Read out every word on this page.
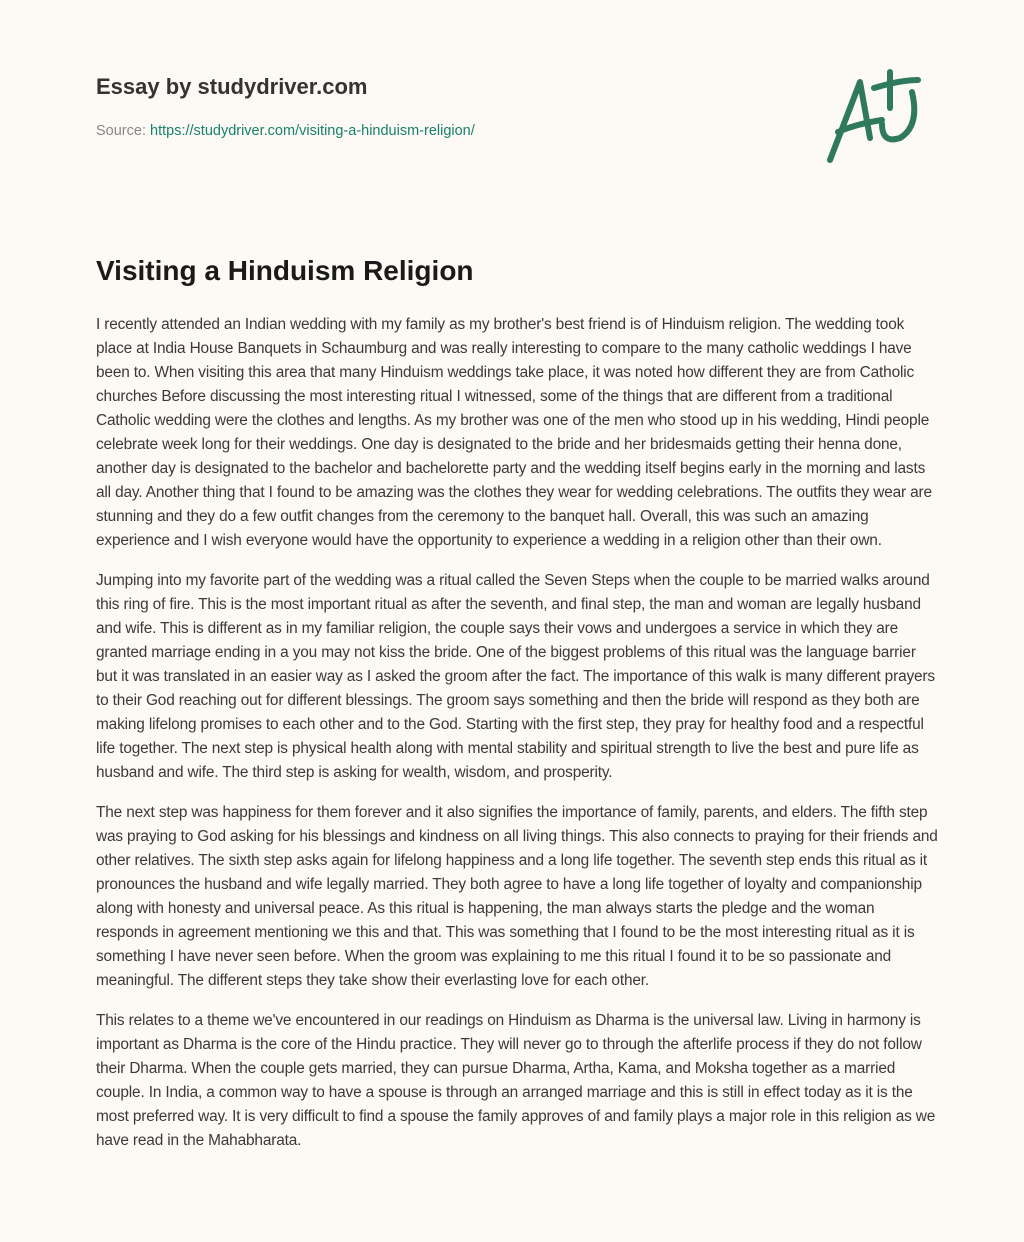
Essay by studydriver.com
Source: https://studydriver.com/visiting-a-hinduism-religion/
Visiting a Hinduism Religion

I recently attended an Indian wedding with my family as my brother's best friend is of Hinduism religion. The wedding took place at India House Banquets in Schaumburg and was really interesting to compare to the many catholic weddings I have been to. When visiting this area that many Hinduism weddings take place, it was noted how different they are from Catholic churches Before discussing the most interesting ritual I witnessed, some of the things that are different from a traditional Catholic wedding were the clothes and lengths. As my brother was one of the men who stood up in his wedding, Hindi people celebrate week long for their weddings. One day is designated to the bride and her bridesmaids getting their henna done, another day is designated to the bachelor and bachelorette party and the wedding itself begins early in the morning and lasts all day. Another thing that I found to be amazing was the clothes they wear for wedding celebrations. The outfits they wear are stunning and they do a few outfit changes from the ceremony to the banquet hall. Overall, this was such an amazing experience and I wish everyone would have the opportunity to experience a wedding in a religion other than their own.

Jumping into my favorite part of the wedding was a ritual called the Seven Steps when the couple to be married walks around this ring of fire. This is the most important ritual as after the seventh, and final step, the man and woman are legally husband and wife. This is different as in my familiar religion, the couple says their vows and undergoes a service in which they are granted marriage ending in a you may not kiss the bride. One of the biggest problems of this ritual was the language barrier but it was translated in an easier way as I asked the groom after the fact. The importance of this walk is many different prayers to their God reaching out for different blessings. The groom says something and then the bride will respond as they both are making lifelong promises to each other and to the God. Starting with the first step, they pray for healthy food and a respectful life together. The next step is physical health along with mental stability and spiritual strength to live the best and pure life as husband and wife. The third step is asking for wealth, wisdom, and prosperity.

The next step was happiness for them forever and it also signifies the importance of family, parents, and elders. The fifth step was praying to God asking for his blessings and kindness on all living things. This also connects to praying for their friends and other relatives. The sixth step asks again for lifelong happiness and a long life together. The seventh step ends this ritual as it pronounces the husband and wife legally married. They both agree to have a long life together of loyalty and companionship along with honesty and universal peace. As this ritual is happening, the man always starts the pledge and the woman responds in agreement mentioning we this and that. This was something that I found to be the most interesting ritual as it is something I have never seen before. When the groom was explaining to me this ritual I found it to be so passionate and meaningful. The different steps they take show their everlasting love for each other.

This relates to a theme we've encountered in our readings on Hinduism as Dharma is the universal law. Living in harmony is important as Dharma is the core of the Hindu practice. They will never go to through the afterlife process if they do not follow their Dharma. When the couple gets married, they can pursue Dharma, Artha, Kama, and Moksha together as a married couple. In India, a common way to have a spouse is through an arranged marriage and this is still in effect today as it is the most preferred way. It is very difficult to find a spouse the family approves of and family plays a major role in this religion as we have read in the Mahabharata.
